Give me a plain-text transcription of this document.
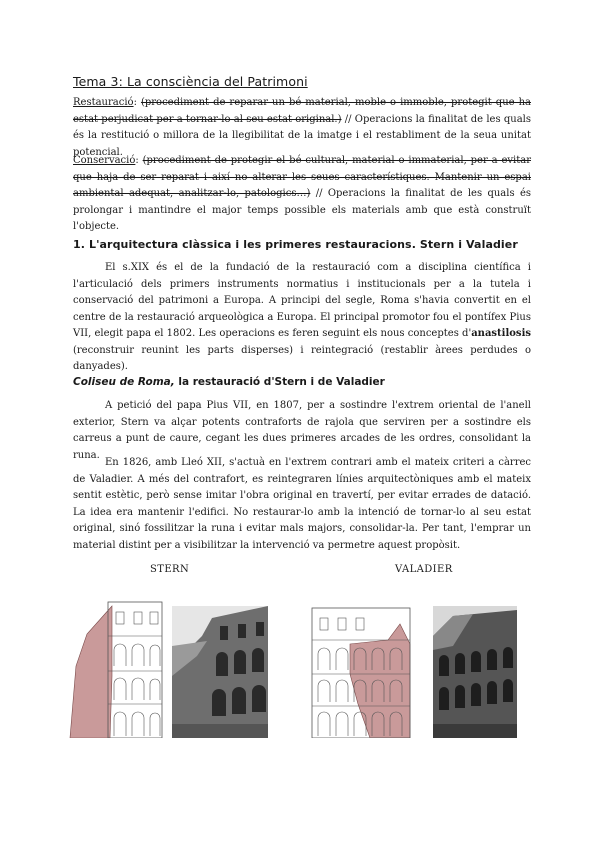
Tema 3: La consciència del Patrimoni
Restauració: (procediment de reparar un bé material, moble o immoble, protegit que ha estat perjudicat per a tornar-lo al seu estat original.) // Operacions la finalitat de les quals és la restitució o millora de la llegibilitat de la imatge i el restabliment de la seua unitat potencial.
Conservació: (procediment de protegir el bé cultural, material o immaterial, per a evitar que haja de ser reparat i així no alterar les seues característiques. Mantenir un espai ambiental adequat, analitzar-lo, patologics…) // Operacions la finalitat de les quals és prolongar i mantindre el major temps possible els materials amb que està construït l'objecte.
1. L'arquitectura clàssica i les primeres restauracions. Stern i Valadier
El s.XIX és el de la fundació de la restauració com a disciplina científica i l'articulació dels primers instruments normatius i institucionals per a la tutela i conservació del patrimoni a Europa. A principi del segle, Roma s'havia convertit en el centre de la restauració arqueològica a Europa. El principal promotor fou el pontífex Pius VII, elegit papa el 1802. Les operacions es feren seguint els nous conceptes d'anastilosis (reconstruir reunint les parts disperses) i reintegració (restablir àrees perdudes o danyades).
Coliseu de Roma, la restauració d'Stern i de Valadier
A petició del papa Pius VII, en 1807, per a sostindre l'extrem oriental de l'anell exterior, Stern va alçar potents contraforts de rajola que serviren per a sostindre els carreus a punt de caure, cegant les dues primeres arcades de les ordres, consolidant la runa.
En 1826, amb Lleó XII, s'actuà en l'extrem contrari amb el mateix criteri a càrrec de Valadier. A més del contrafort, es reintegraren línies arquitectòniques amb el mateix sentit estètic, però sense imitar l'obra original en travertí, per evitar errades de datació. La idea era mantenir l'edifici. No restaurar-lo amb la intenció de tornar-lo al seu estat original, sinó fossilitzar la runa i evitar mals majors, consolidar-la. Per tant, l'emprar un material distint per a visibilitzar la intervenció va permetre aquest propòsit.
STERN	VALADIER
